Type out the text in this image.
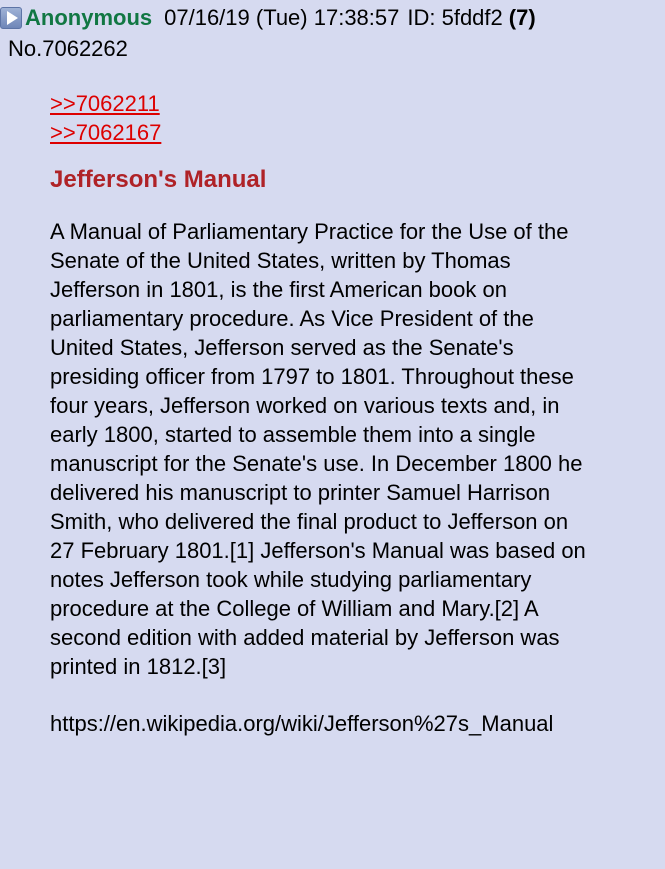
Anonymous 07/16/19 (Tue) 17:38:57 ID: 5fddf2 (7)
No.7062262
>>7062211
>>7062167
Jefferson's Manual
A Manual of Parliamentary Practice for the Use of the Senate of the United States, written by Thomas Jefferson in 1801, is the first American book on parliamentary procedure. As Vice President of the United States, Jefferson served as the Senate's presiding officer from 1797 to 1801. Throughout these four years, Jefferson worked on various texts and, in early 1800, started to assemble them into a single manuscript for the Senate's use. In December 1800 he delivered his manuscript to printer Samuel Harrison Smith, who delivered the final product to Jefferson on 27 February 1801.[1] Jefferson's Manual was based on notes Jefferson took while studying parliamentary procedure at the College of William and Mary.[2] A second edition with added material by Jefferson was printed in 1812.[3]
https://en.wikipedia.org/wiki/Jefferson%27s_Manual
